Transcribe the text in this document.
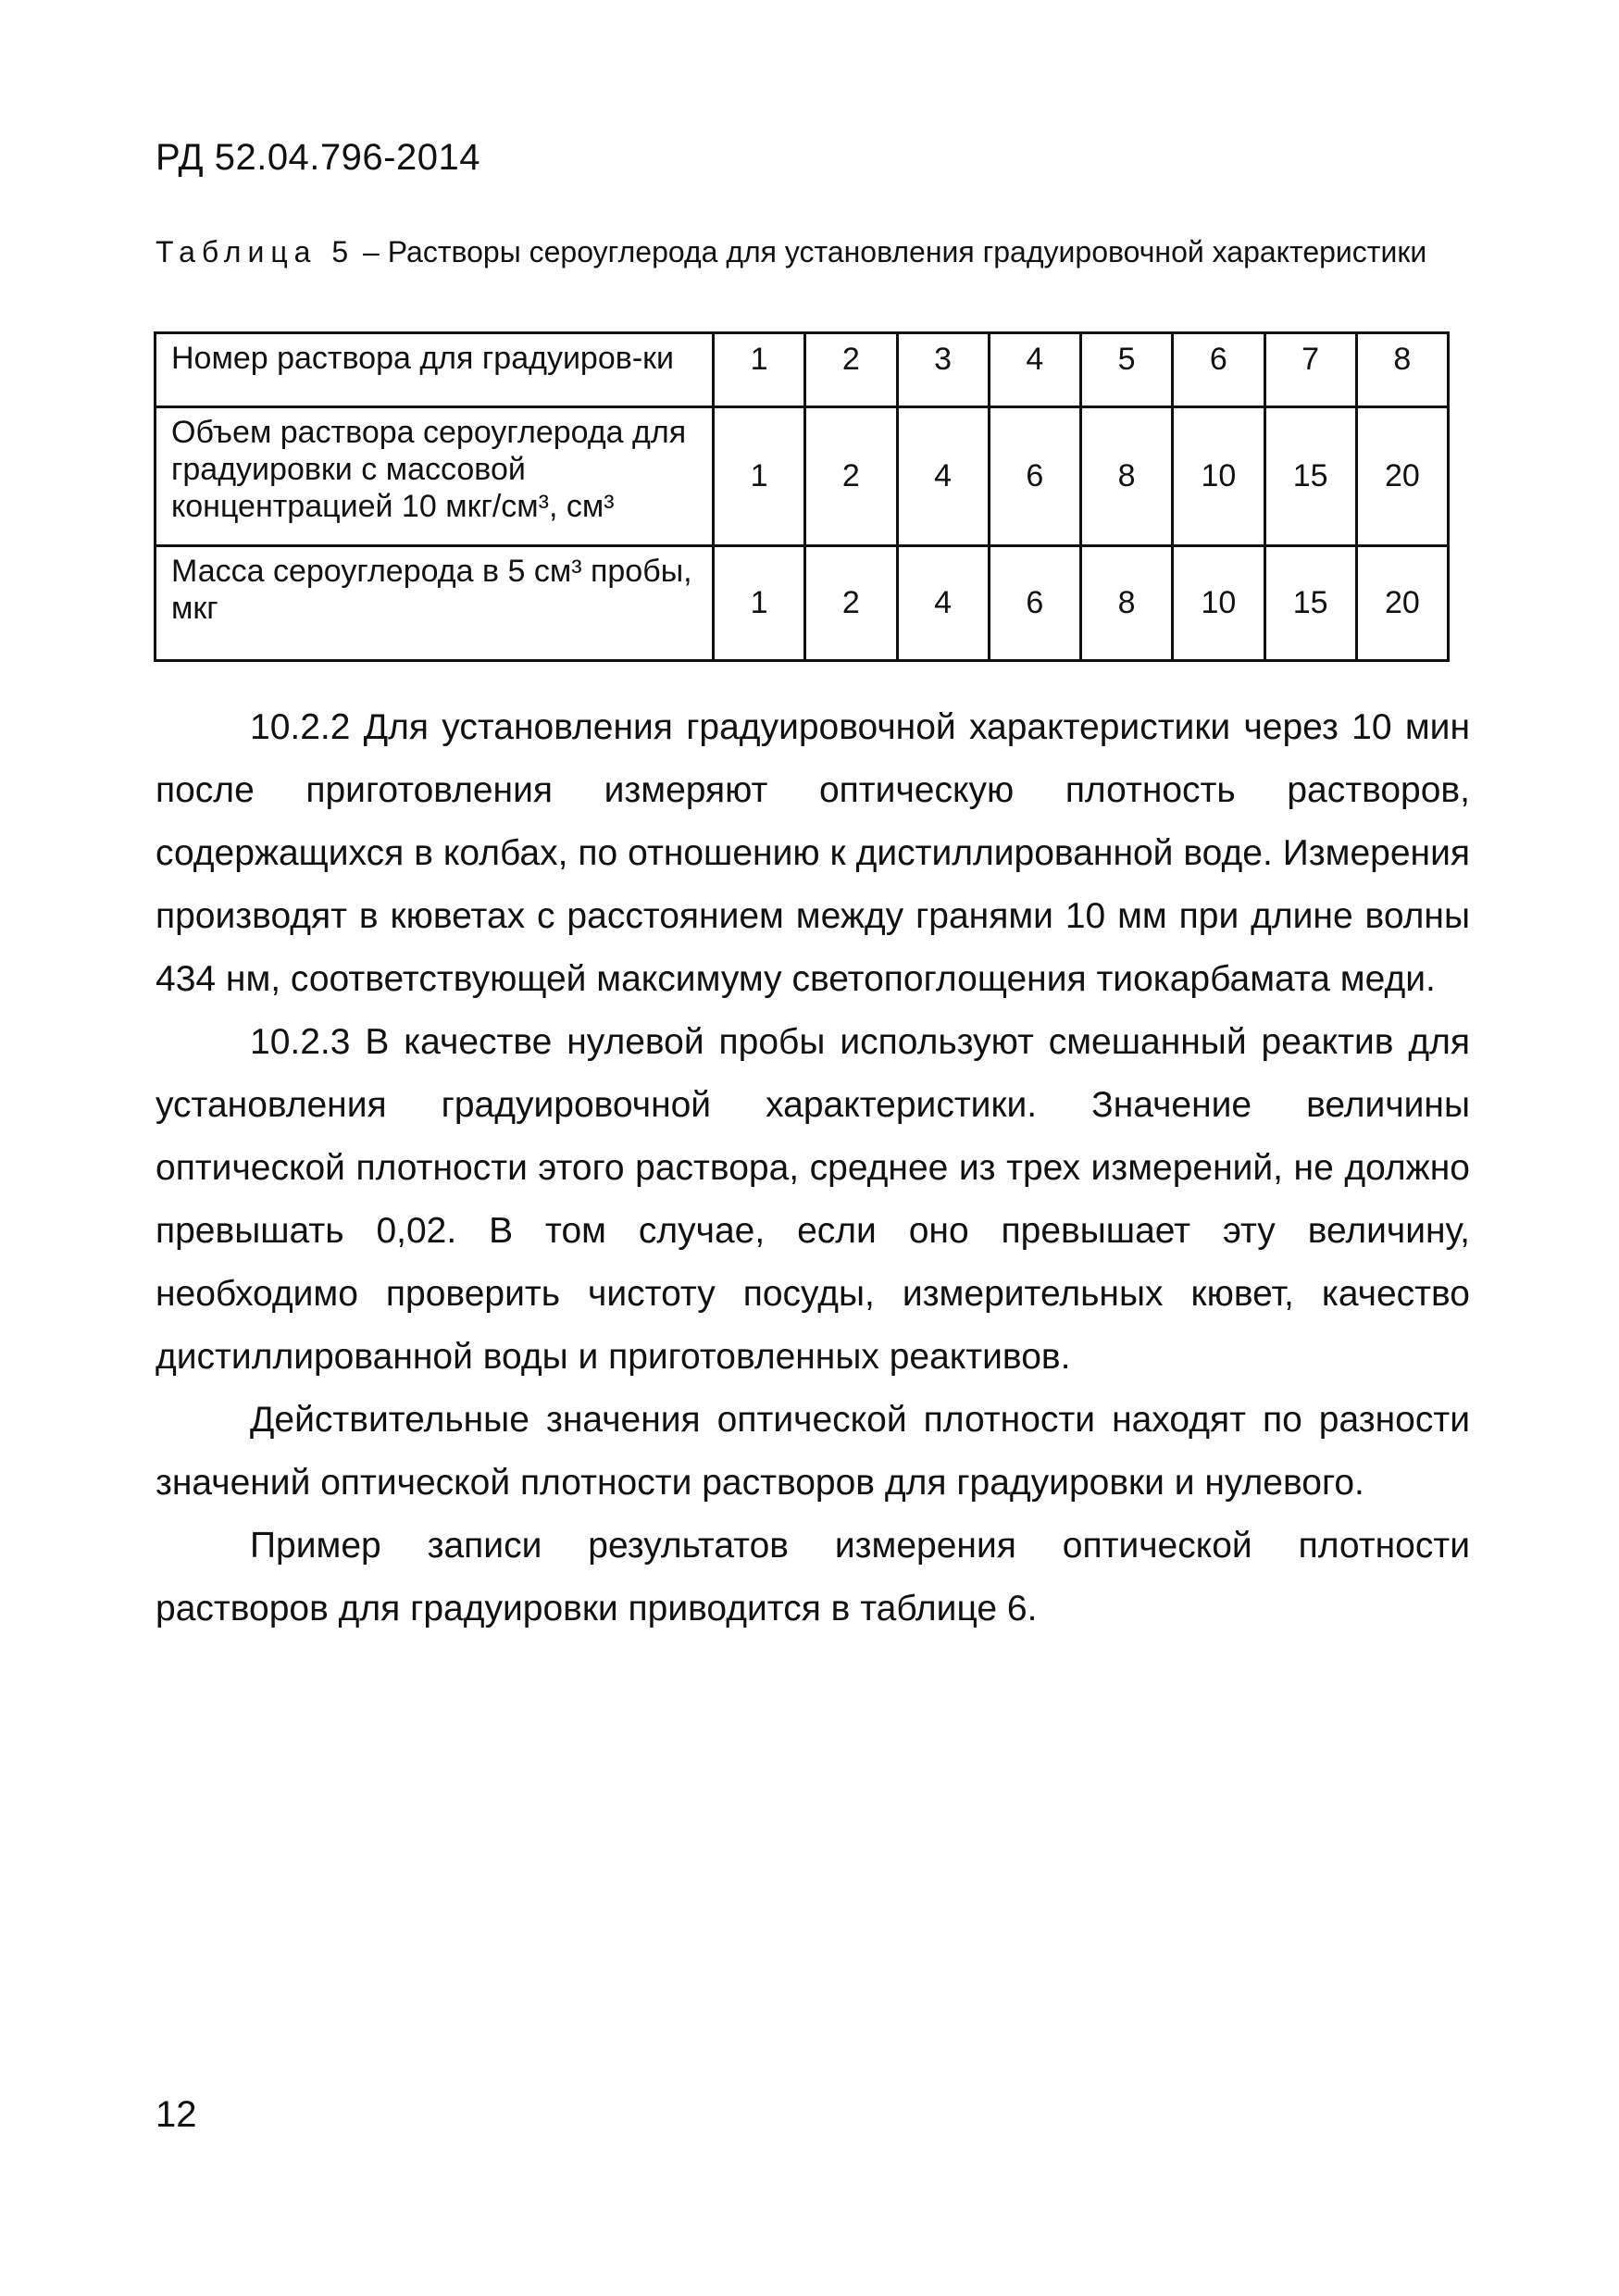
РД 52.04.796-2014
Таблица 5 – Растворы сероуглерода для установления градуировочной характеристики
Номер раствора для градуиров-ки	1	2	3	4	5	6	7	8
Объем раствора сероуглерода для градуировки с массовой концентрацией 10 мкг/см³, см³	1	2	4	6	8	10	15	20
Масса сероуглерода в 5 см³ пробы, мкг	1	2	4	6	8	10	15	20

10.2.2 Для установления градуировочной характеристики через 10 мин после приготовления измеряют оптическую плотность растворов, содержащихся в колбах, по отношению к дистиллированной воде. Измерения производят в кюветах с расстоянием между гранями 10 мм при длине волны 434 нм, соответствующей максимуму светопоглощения тиокарбамата меди.

10.2.3 В качестве нулевой пробы используют смешанный реактив для установления градуировочной характеристики. Значение величины оптической плотности этого раствора, среднее из трех измерений, не должно превышать 0,02. В том случае, если оно превышает эту величину, необходимо проверить чистоту посуды, измерительных кювет, качество дистиллированной воды и приготовленных реактивов.

Действительные значения оптической плотности находят по разности значений оптической плотности растворов для градуировки и нулевого.

Пример записи результатов измерения оптической плотности растворов для градуировки приводится в таблице 6.

12
